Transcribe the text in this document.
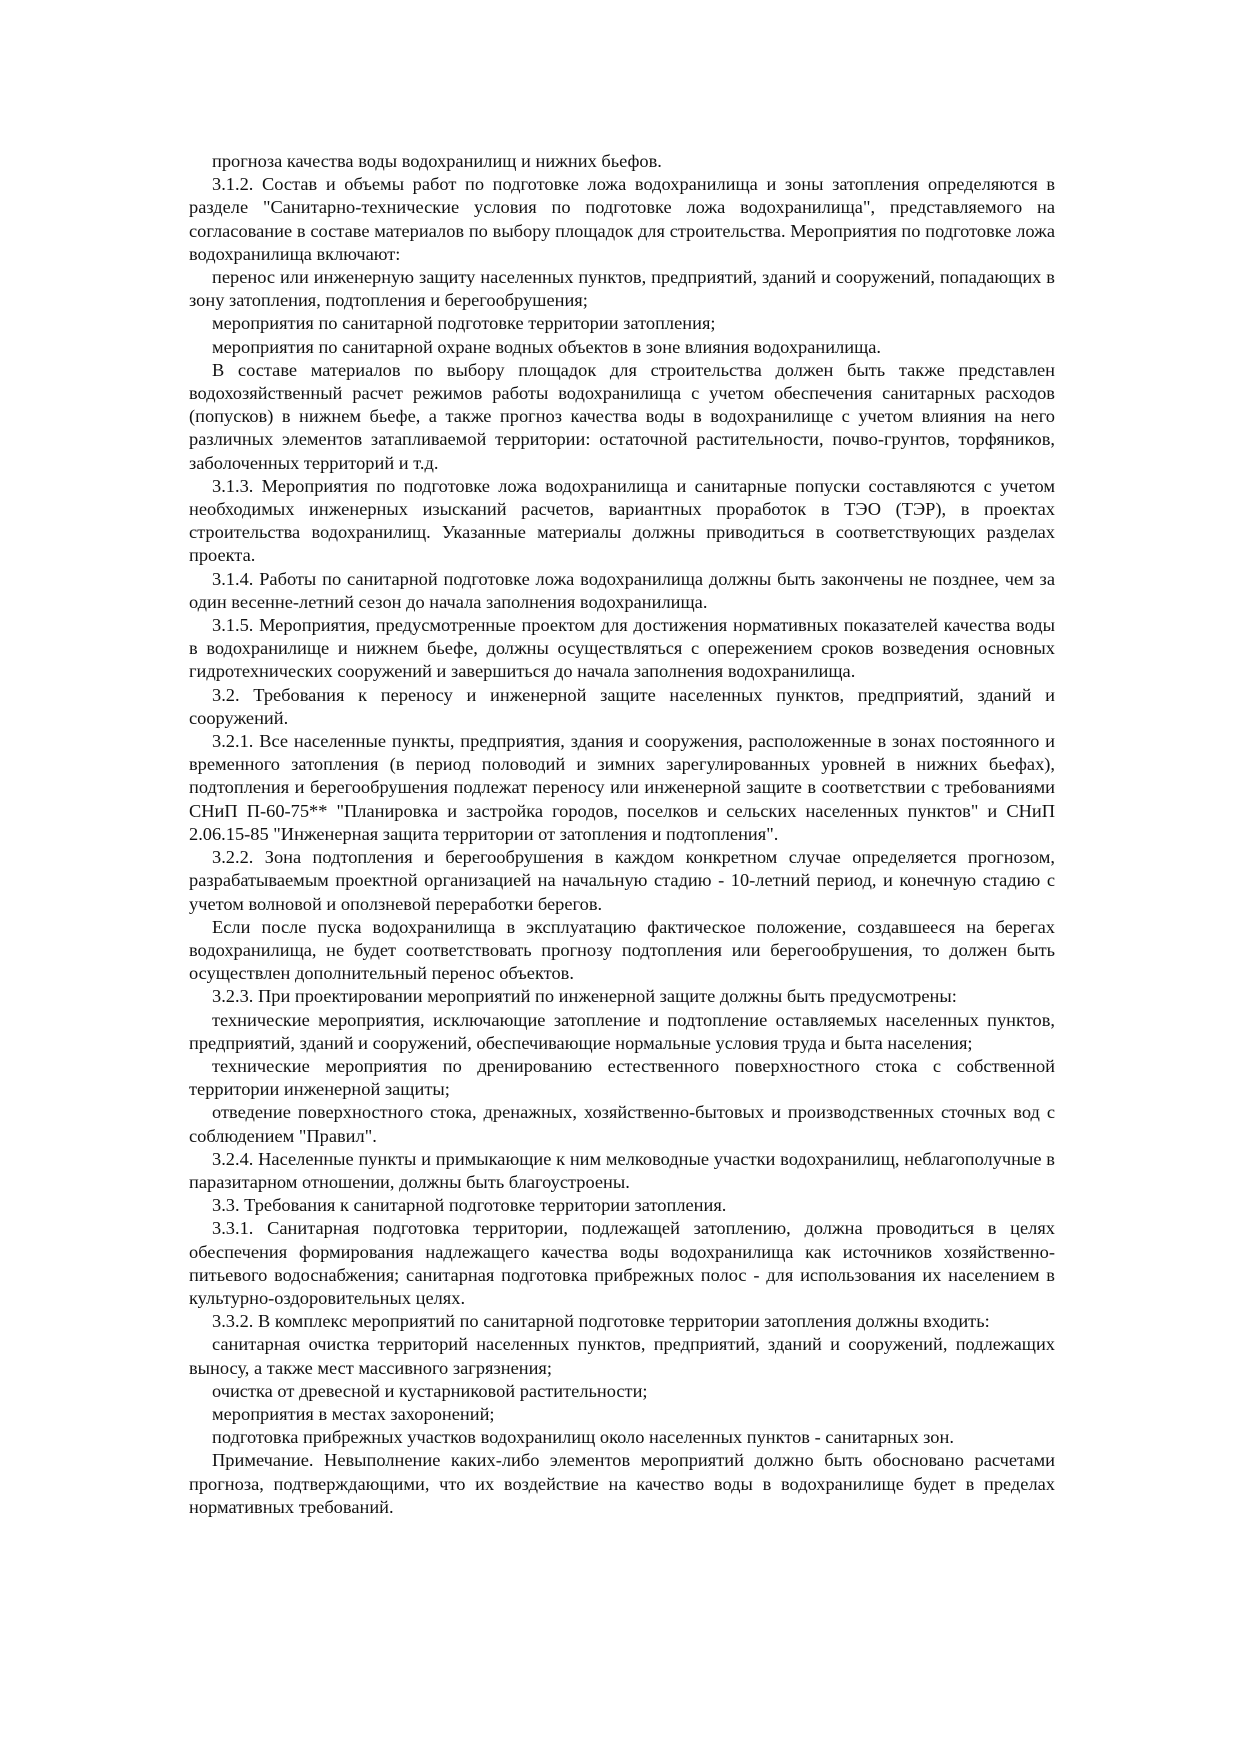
прогноза качества воды водохранилищ и нижних бьефов.

3.1.2. Состав и объемы работ по подготовке ложа водохранилища и зоны затопления определяются в разделе "Санитарно-технические условия по подготовке ложа водохранилища", представляемого на согласование в составе материалов по выбору площадок для строительства. Мероприятия по подготовке ложа водохранилища включают:

перенос или инженерную защиту населенных пунктов, предприятий, зданий и сооружений, попадающих в зону затопления, подтопления и берегообрушения;

мероприятия по санитарной подготовке территории затопления;

мероприятия по санитарной охране водных объектов в зоне влияния водохранилища.

В составе материалов по выбору площадок для строительства должен быть также представлен водохозяйственный расчет режимов работы водохранилища с учетом обеспечения санитарных расходов (попусков) в нижнем бьефе, а также прогноз качества воды в водохранилище с учетом влияния на него различных элементов затапливаемой территории: остаточной растительности, почво-грунтов, торфяников, заболоченных территорий и т.д.

3.1.3. Мероприятия по подготовке ложа водохранилища и санитарные попуски составляются с учетом необходимых инженерных изысканий расчетов, вариантных проработок в ТЭО (ТЭР), в проектах строительства водохранилищ. Указанные материалы должны приводиться в соответствующих разделах проекта.

3.1.4. Работы по санитарной подготовке ложа водохранилища должны быть закончены не позднее, чем за один весенне-летний сезон до начала заполнения водохранилища.

3.1.5. Мероприятия, предусмотренные проектом для достижения нормативных показателей качества воды в водохранилище и нижнем бьефе, должны осуществляться с опережением сроков возведения основных гидротехнических сооружений и завершиться до начала заполнения водохранилища.

3.2. Требования к переносу и инженерной защите населенных пунктов, предприятий, зданий и сооружений.

3.2.1. Все населенные пункты, предприятия, здания и сооружения, расположенные в зонах постоянного и временного затопления (в период половодий и зимних зарегулированных уровней в нижних бьефах), подтопления и берегообрушения подлежат переносу или инженерной защите в соответствии с требованиями СНиП П-60-75** "Планировка и застройка городов, поселков и сельских населенных пунктов" и СНиП 2.06.15-85 "Инженерная защита территории от затопления и подтопления".

3.2.2. Зона подтопления и берегообрушения в каждом конкретном случае определяется прогнозом, разрабатываемым проектной организацией на начальную стадию - 10-летний период, и конечную стадию с учетом волновой и оползневой переработки берегов.

Если после пуска водохранилища в эксплуатацию фактическое положение, создавшееся на берегах водохранилища, не будет соответствовать прогнозу подтопления или берегообрушения, то должен быть осуществлен дополнительный перенос объектов.

3.2.3. При проектировании мероприятий по инженерной защите должны быть предусмотрены:

технические мероприятия, исключающие затопление и подтопление оставляемых населенных пунктов, предприятий, зданий и сооружений, обеспечивающие нормальные условия труда и быта населения;

технические мероприятия по дренированию естественного поверхностного стока с собственной территории инженерной защиты;

отведение поверхностного стока, дренажных, хозяйственно-бытовых и производственных сточных вод с соблюдением "Правил".

3.2.4. Населенные пункты и примыкающие к ним мелководные участки водохранилищ, неблагополучные в паразитарном отношении, должны быть благоустроены.

3.3. Требования к санитарной подготовке территории затопления.

3.3.1. Санитарная подготовка территории, подлежащей затоплению, должна проводиться в целях обеспечения формирования надлежащего качества воды водохранилища как источников хозяйственно-питьевого водоснабжения; санитарная подготовка прибрежных полос - для использования их населением в культурно-оздоровительных целях.

3.3.2. В комплекс мероприятий по санитарной подготовке территории затопления должны входить:

санитарная очистка территорий населенных пунктов, предприятий, зданий и сооружений, подлежащих выносу, а также мест массивного загрязнения;

очистка от древесной и кустарниковой растительности;

мероприятия в местах захоронений;

подготовка прибрежных участков водохранилищ около населенных пунктов - санитарных зон.

Примечание. Невыполнение каких-либо элементов мероприятий должно быть обосновано расчетами прогноза, подтверждающими, что их воздействие на качество воды в водохранилище будет в пределах нормативных требований.
